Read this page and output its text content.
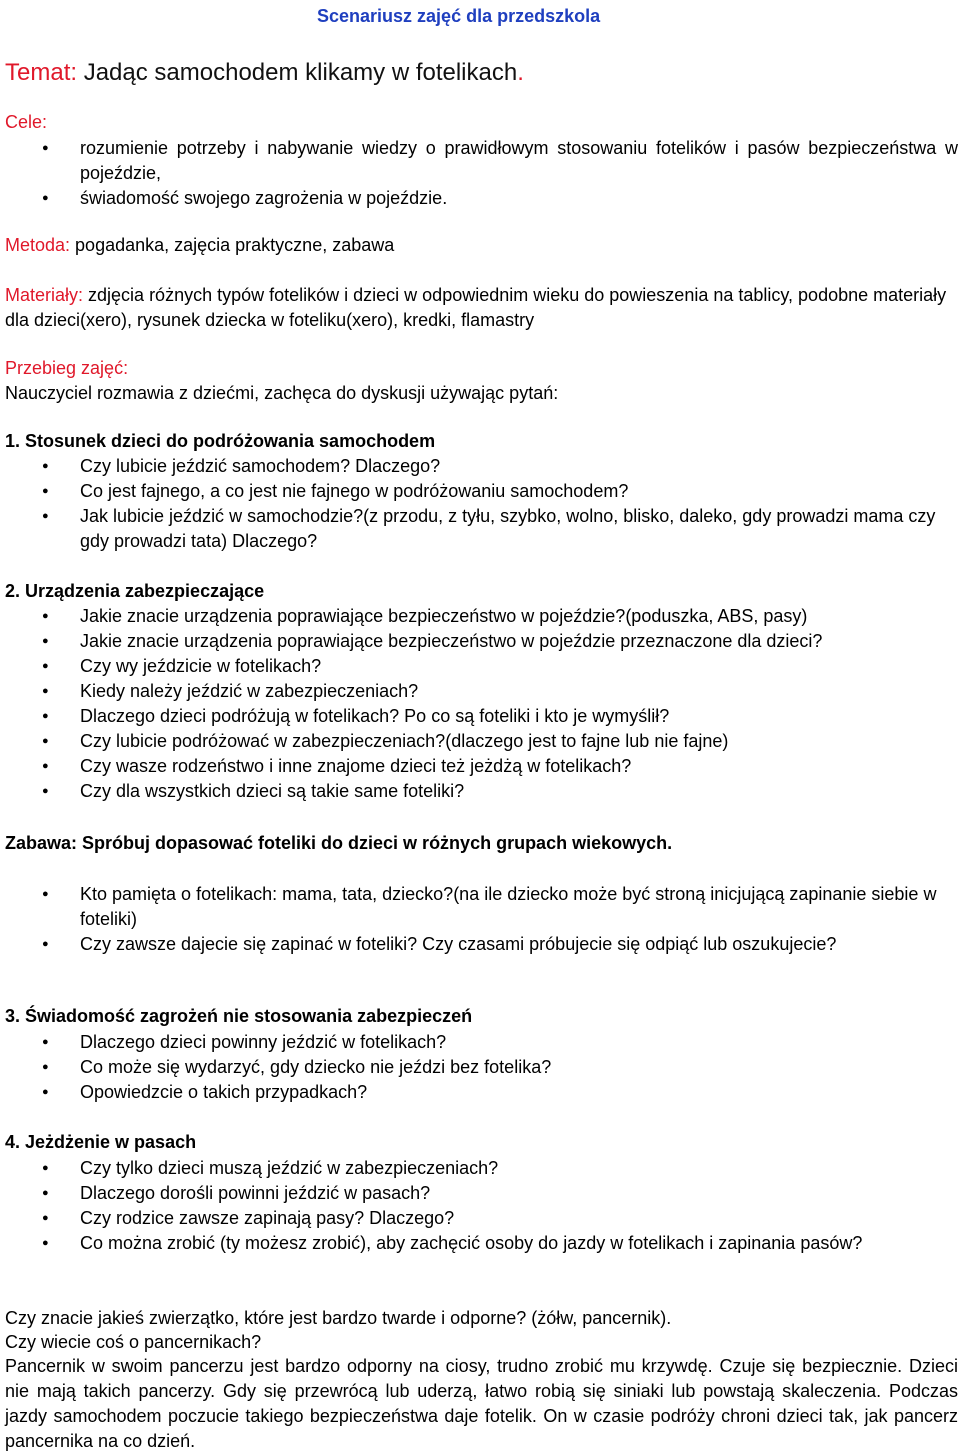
Scenariusz zajęć dla przedszkola

Temat: Jadąc samochodem klikamy w fotelikach.

Cele:

● rozumienie potrzeby i nabywanie wiedzy o prawidłowym stosowaniu fotelików i pasów bezpieczeństwa w pojeździe,
● świadomość swojego zagrożenia w pojeździe.

Metoda: pogadanka, zajęcia praktyczne, zabawa

Materiały: zdjęcia różnych typów fotelików i dzieci w odpowiednim wieku do powieszenia na tablicy, podobne materiały dla dzieci(xero), rysunek dziecka w foteliku(xero), kredki, flamastry

Przebieg zajęć:

Nauczyciel rozmawia z dziećmi, zachęca do dyskusji używając pytań:

1. Stosunek dzieci do podróżowania samochodem

● Czy lubicie jeździć samochodem? Dlaczego?
● Co jest fajnego, a co jest nie fajnego w podróżowaniu samochodem?
● Jak lubicie jeździć w samochodzie?(z przodu, z tyłu, szybko, wolno, blisko, daleko, gdy prowadzi mama czy gdy prowadzi tata) Dlaczego?

2. Urządzenia zabezpieczające

● Jakie znacie urządzenia poprawiające bezpieczeństwo w pojeździe?(poduszka, ABS, pasy)
● Jakie znacie urządzenia poprawiające bezpieczeństwo w pojeździe przeznaczone dla dzieci?
● Czy wy jeździcie w fotelikach?
● Kiedy należy jeździć w zabezpieczeniach?
● Dlaczego dzieci podróżują w fotelikach? Po co są foteliki i kto je wymyślił?
● Czy lubicie podróżować w zabezpieczeniach?(dlaczego jest to fajne lub nie fajne)
● Czy wasze rodzeństwo i inne znajome dzieci też jeżdżą w fotelikach?
● Czy dla wszystkich dzieci są takie same foteliki?

Zabawa: Spróbuj dopasować foteliki do dzieci w różnych grupach wiekowych.

● Kto pamięta o fotelikach: mama, tata, dziecko?(na ile dziecko może być stroną inicjującą zapinanie siebie w foteliki)
● Czy zawsze dajecie się zapinać w foteliki? Czy czasami próbujecie się odpiąć lub oszukujecie?

3. Świadomość zagrożeń nie stosowania zabezpieczeń

● Dlaczego dzieci powinny jeździć w fotelikach?
● Co może się wydarzyć, gdy dziecko nie jeździ bez fotelika?
● Opowiedzcie o takich przypadkach?

4. Jeżdżenie w pasach

● Czy tylko dzieci muszą jeździć w zabezpieczeniach?
● Dlaczego dorośli powinni jeździć w pasach?
● Czy rodzice zawsze zapinają pasy? Dlaczego?
● Co można zrobić (ty możesz zrobić), aby zachęcić osoby do jazdy w fotelikach i zapinania pasów?

Czy znacie jakieś zwierzątko, które jest bardzo twarde i odporne? (żółw, pancernik).

Czy wiecie coś o pancernikach?

Pancernik w swoim pancerzu jest bardzo odporny na ciosy, trudno zrobić mu krzywdę. Czuje się bezpiecznie. Dzieci nie mają takich pancerzy. Gdy się przewrócą lub uderzą, łatwo robią się siniaki lub powstają skaleczenia. Podczas jazdy samochodem poczucie takiego bezpieczeństwa daje fotelik. On w czasie podróży chroni dzieci tak, jak pancerz pancernika na co dzień.
